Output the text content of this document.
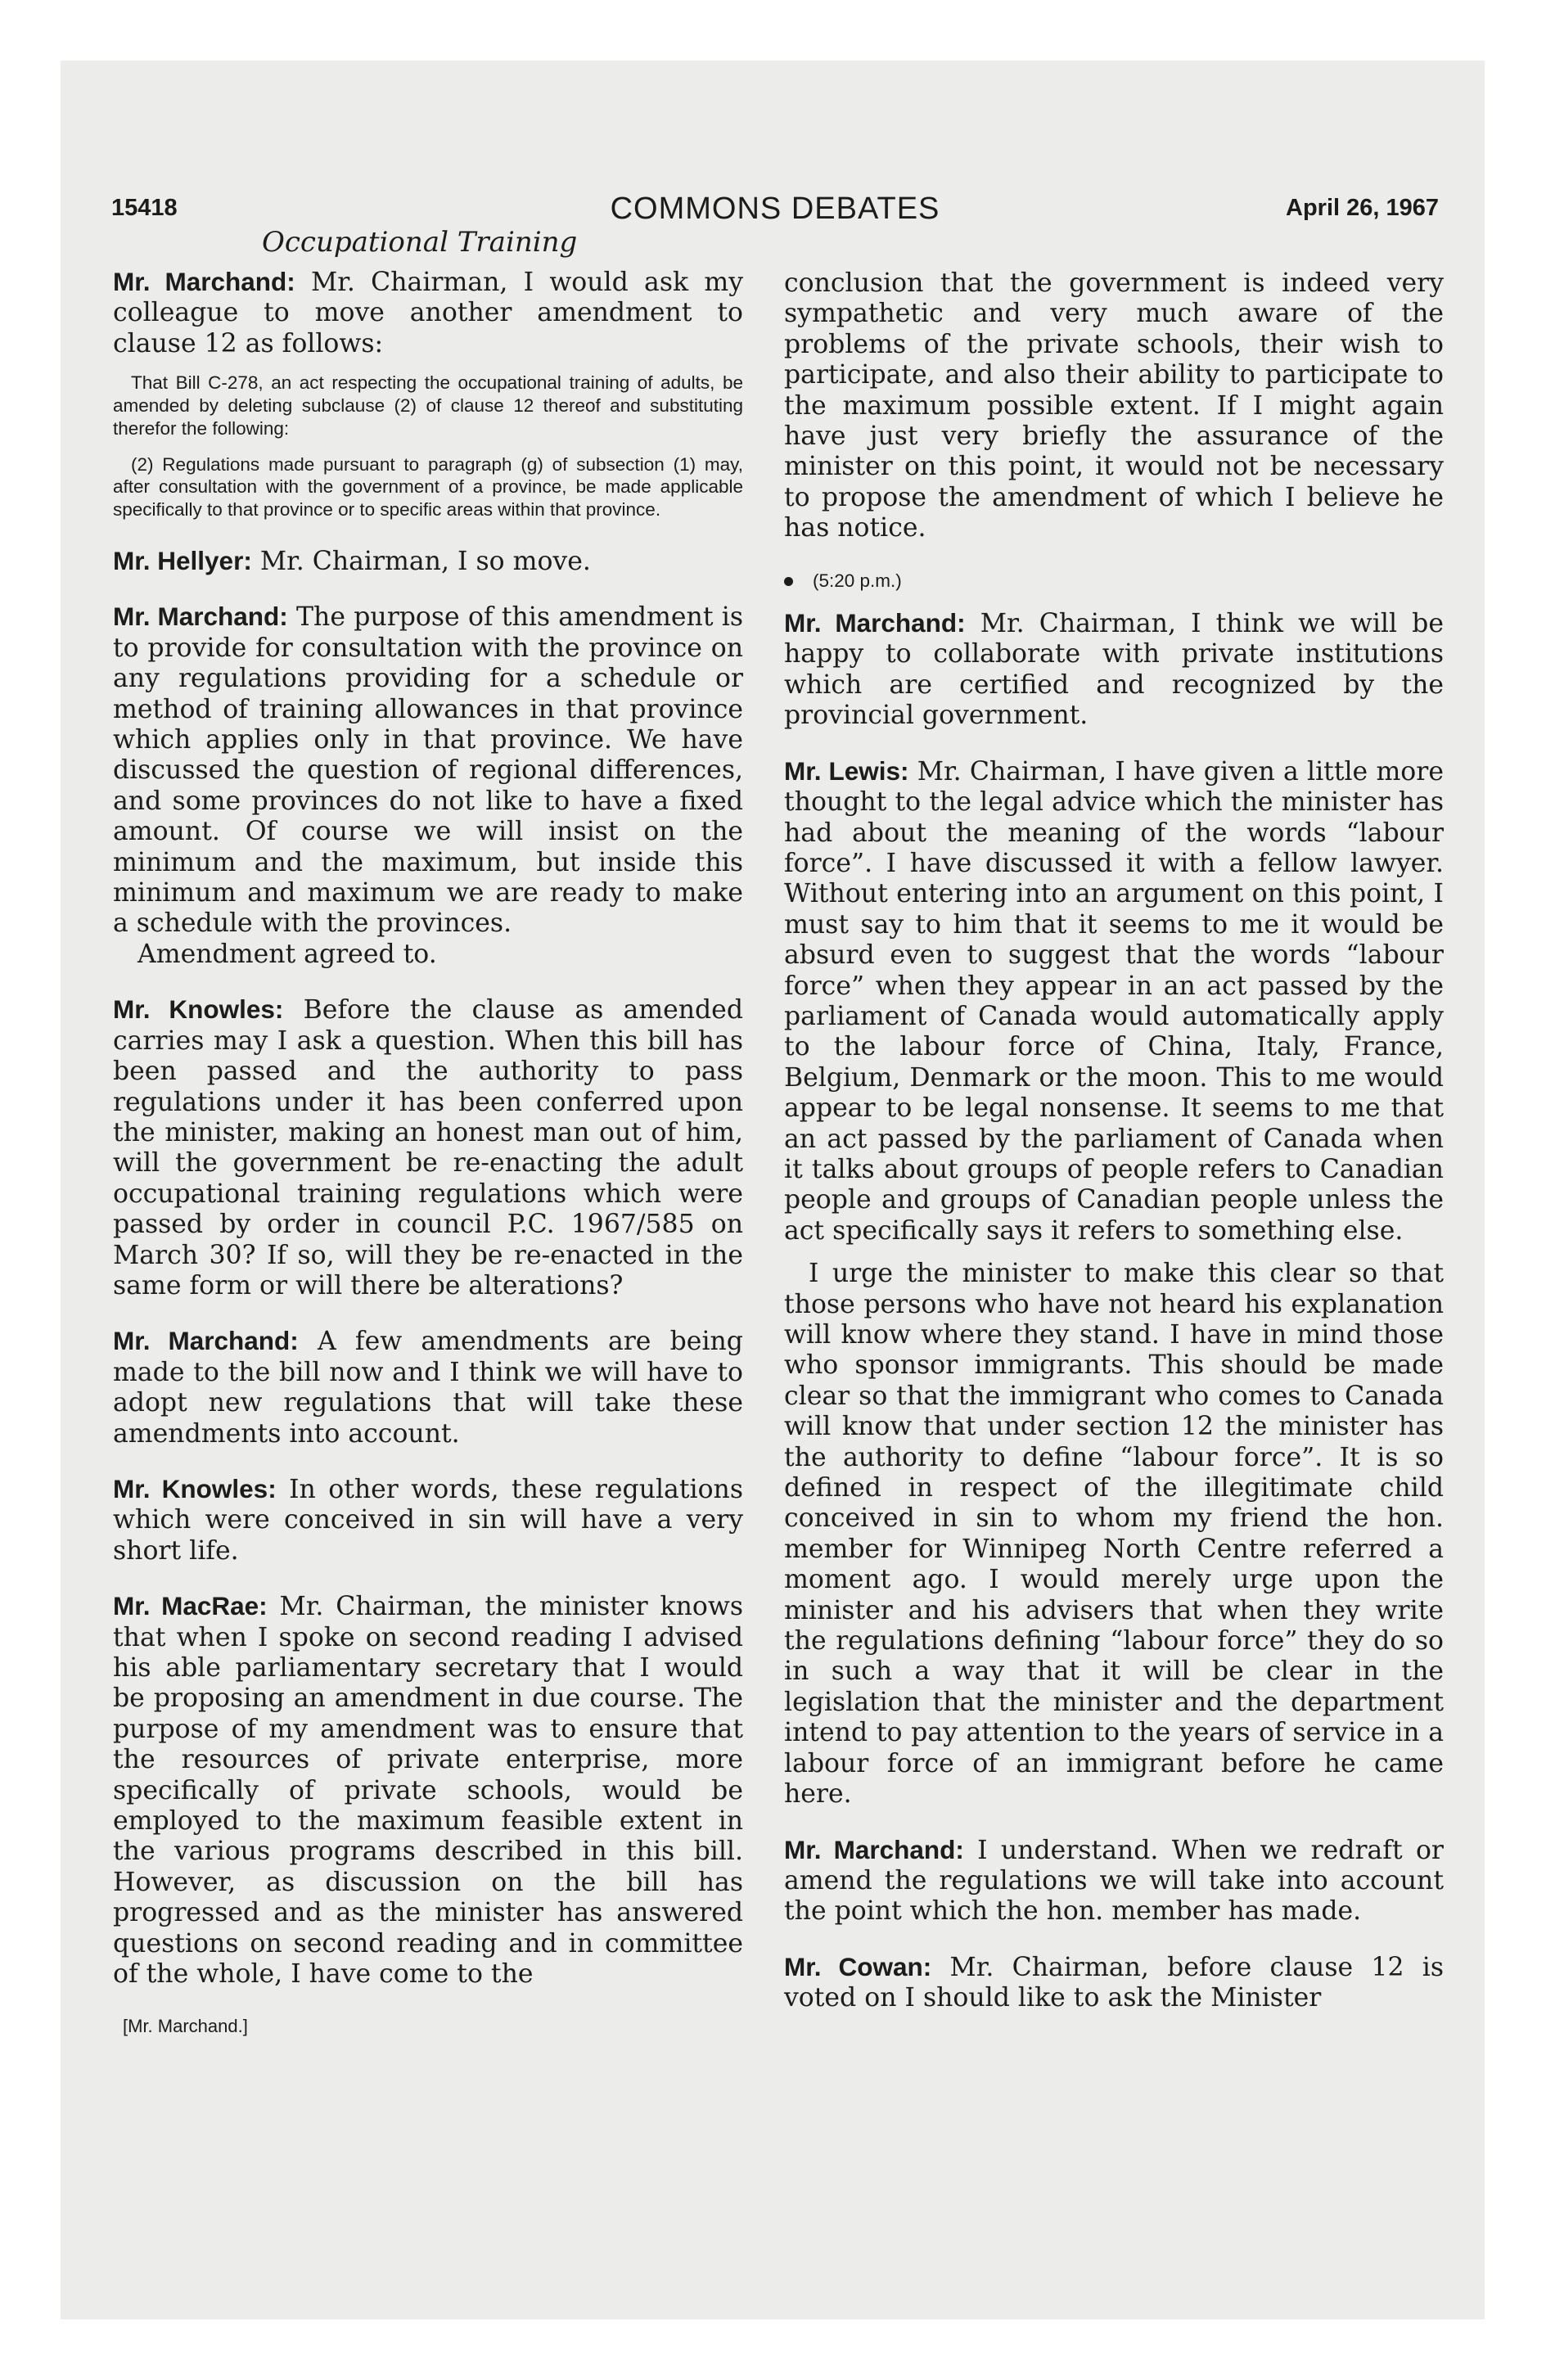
15418	COMMONS DEBATES	April 26, 1967
Occupational Training

Mr. Marchand: Mr. Chairman, I would ask my colleague to move another amendment to clause 12 as follows:

That Bill C-278, an act respecting the occupational training of adults, be amended by deleting subclause (2) of clause 12 thereof and substituting therefor the following:

(2) Regulations made pursuant to paragraph (g) of subsection (1) may, after consultation with the government of a province, be made applicable specifically to that province or to specific areas within that province.

Mr. Hellyer: Mr. Chairman, I so move.

Mr. Marchand: The purpose of this amendment is to provide for consultation with the province on any regulations providing for a schedule or method of training allowances in that province which applies only in that province. We have discussed the question of regional differences, and some provinces do not like to have a fixed amount. Of course we will insist on the minimum and the maximum, but inside this minimum and maximum we are ready to make a schedule with the provinces.

Amendment agreed to.

Mr. Knowles: Before the clause as amended carries may I ask a question. When this bill has been passed and the authority to pass regulations under it has been conferred upon the minister, making an honest man out of him, will the government be re-enacting the adult occupational training regulations which were passed by order in council P.C. 1967/585 on March 30? If so, will they be re-enacted in the same form or will there be alterations?

Mr. Marchand: A few amendments are being made to the bill now and I think we will have to adopt new regulations that will take these amendments into account.

Mr. Knowles: In other words, these regulations which were conceived in sin will have a very short life.

Mr. MacRae: Mr. Chairman, the minister knows that when I spoke on second reading I advised his able parliamentary secretary that I would be proposing an amendment in due course. The purpose of my amendment was to ensure that the resources of private enterprise, more specifically of private schools, would be employed to the maximum feasible extent in the various programs described in this bill. However, as discussion on the bill has progressed and as the minister has answered questions on second reading and in committee of the whole, I have come to the

[Mr. Marchand.]

conclusion that the government is indeed very sympathetic and very much aware of the problems of the private schools, their wish to participate, and also their ability to participate to the maximum possible extent. If I might again have just very briefly the assurance of the minister on this point, it would not be necessary to propose the amendment of which I believe he has notice.

(5:20 p.m.)

Mr. Marchand: Mr. Chairman, I think we will be happy to collaborate with private institutions which are certified and recognized by the provincial government.

Mr. Lewis: Mr. Chairman, I have given a little more thought to the legal advice which the minister has had about the meaning of the words “labour force”. I have discussed it with a fellow lawyer. Without entering into an argument on this point, I must say to him that it seems to me it would be absurd even to suggest that the words “labour force” when they appear in an act passed by the parliament of Canada would automatically apply to the labour force of China, Italy, France, Belgium, Denmark or the moon. This to me would appear to be legal nonsense. It seems to me that an act passed by the parliament of Canada when it talks about groups of people refers to Canadian people and groups of Canadian people unless the act specifically says it refers to something else.

I urge the minister to make this clear so that those persons who have not heard his explanation will know where they stand. I have in mind those who sponsor immigrants. This should be made clear so that the immigrant who comes to Canada will know that under section 12 the minister has the authority to define “labour force”. It is so defined in respect of the illegitimate child conceived in sin to whom my friend the hon. member for Winnipeg North Centre referred a moment ago. I would merely urge upon the minister and his advisers that when they write the regulations defining “labour force” they do so in such a way that it will be clear in the legislation that the minister and the department intend to pay attention to the years of service in a labour force of an immigrant before he came here.

Mr. Marchand: I understand. When we redraft or amend the regulations we will take into account the point which the hon. member has made.

Mr. Cowan: Mr. Chairman, before clause 12 is voted on I should like to ask the Minister
